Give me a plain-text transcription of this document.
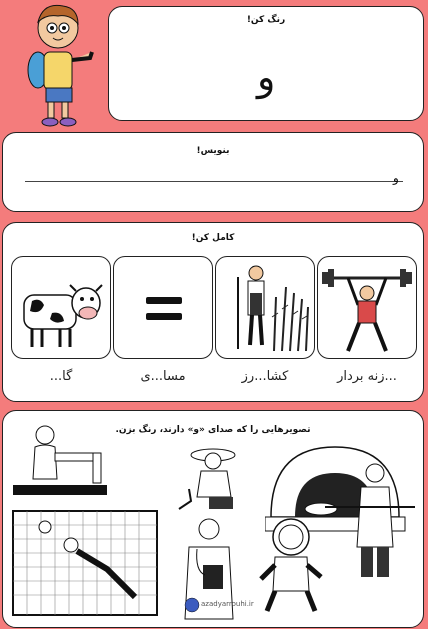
رنگ کن!
و
بنویس!
و
کامل کن!
...زنه بردار
کشا...رز
مسا...ی
گا...
تصویرهایی را که صدای «و» دارند، رنگ بزن.
azadyarrouhi.ir
